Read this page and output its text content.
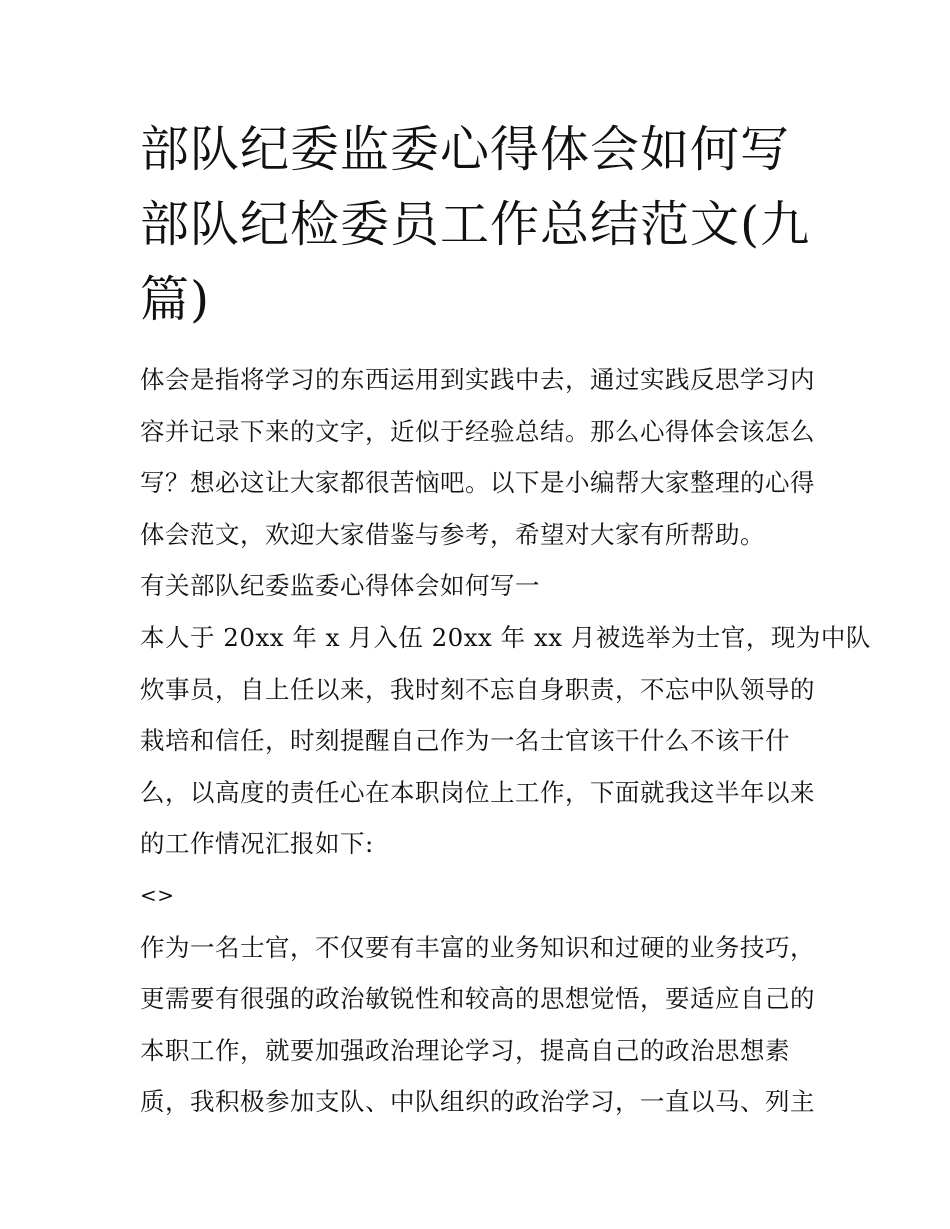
部队纪委监委心得体会如何写
部队纪检委员工作总结范文(九
篇)
体会是指将学习的东西运用到实践中去，通过实践反思学习内
容并记录下来的文字，近似于经验总结。那么心得体会该怎么
写？想必这让大家都很苦恼吧。以下是小编帮大家整理的心得
体会范文，欢迎大家借鉴与参考，希望对大家有所帮助。
有关部队纪委监委心得体会如何写一
本人于 20xx 年 x 月入伍 20xx 年 xx 月被选举为士官，现为中队
炊事员，自上任以来，我时刻不忘自身职责，不忘中队领导的
栽培和信任，时刻提醒自己作为一名士官该干什么不该干什
么，以高度的责任心在本职岗位上工作，下面就我这半年以来
的工作情况汇报如下:
<>
作为一名士官，不仅要有丰富的业务知识和过硬的业务技巧，
更需要有很强的政治敏锐性和较高的思想觉悟，要适应自己的
本职工作，就要加强政治理论学习，提高自己的政治思想素
质，我积极参加支队、中队组织的政治学习，一直以马、列主
